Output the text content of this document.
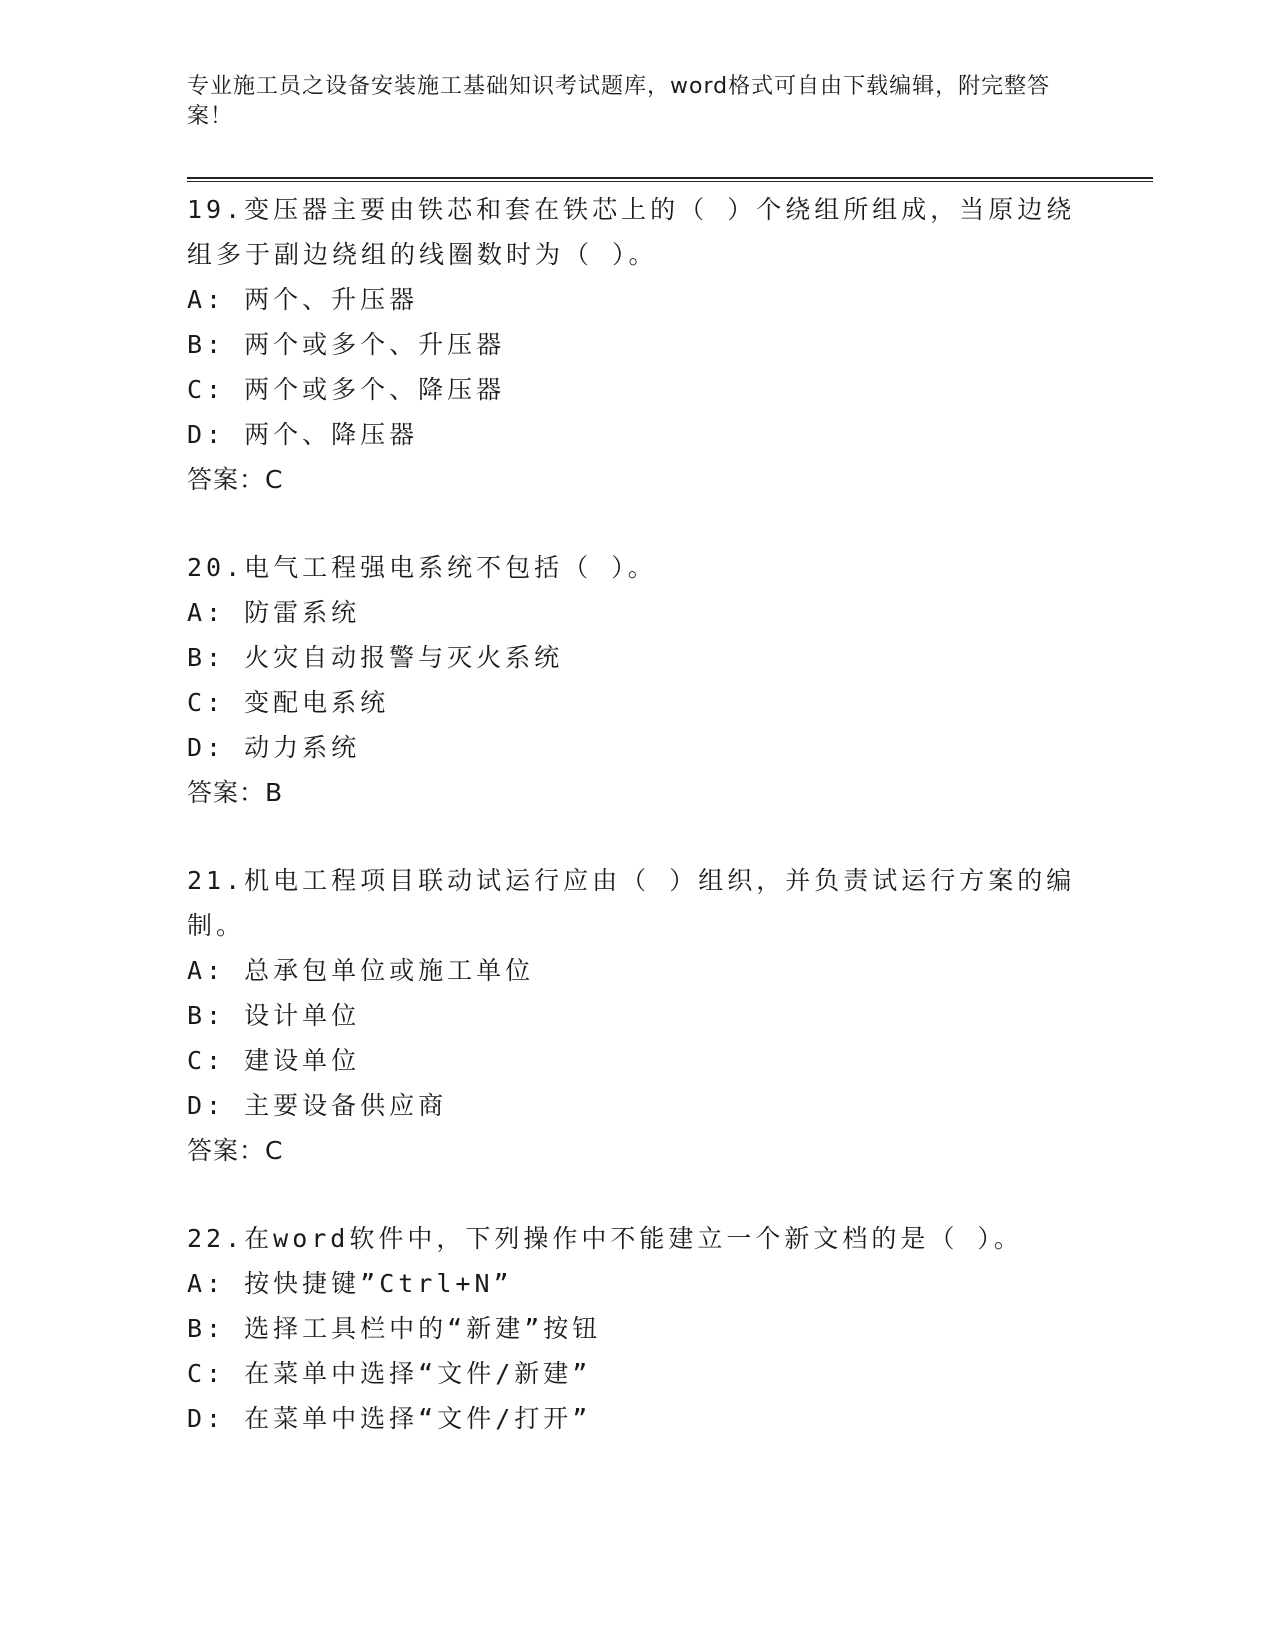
专业施工员之设备安装施工基础知识考试题库，word格式可自由下载编辑，附完整答案！
19.变压器主要由铁芯和套在铁芯上的（ ）个绕组所组成，当原边绕组多于副边绕组的线圈数时为（ ）。
A: 两个、升压器
B: 两个或多个、升压器
C: 两个或多个、降压器
D: 两个、降压器
答案：C
20.电气工程强电系统不包括（ ）。
A: 防雷系统
B: 火灾自动报警与灭火系统
C: 变配电系统
D: 动力系统
答案：B
21.机电工程项目联动试运行应由（ ）组织，并负责试运行方案的编制。
A: 总承包单位或施工单位
B: 设计单位
C: 建设单位
D: 主要设备供应商
答案：C
22.在word软件中，下列操作中不能建立一个新文档的是（ ）。
A: 按快捷键”Ctrl+N”
B: 选择工具栏中的“新建”按钮
C: 在菜单中选择“文件/新建”
D: 在菜单中选择“文件/打开”
